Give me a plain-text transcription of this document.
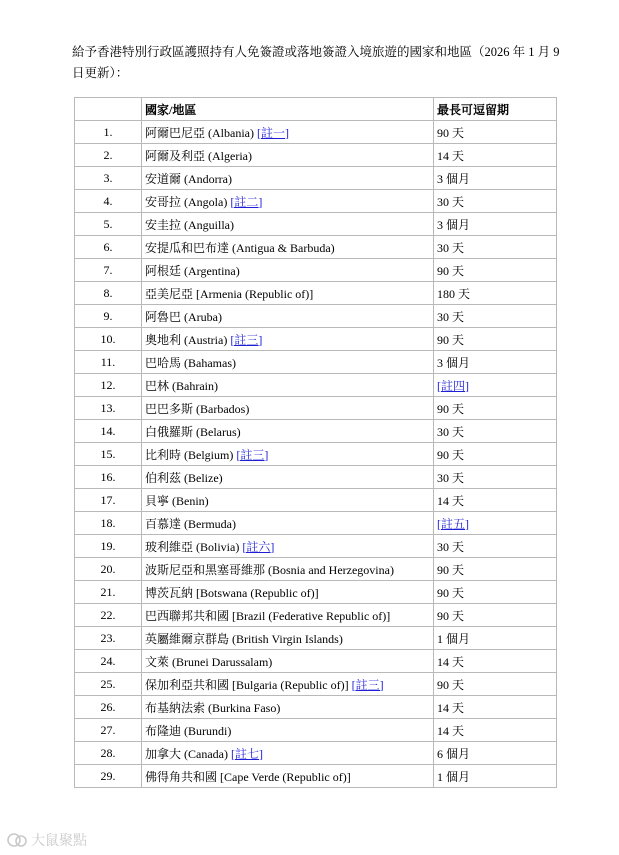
給予香港特別行政區護照持有人免簽證或落地簽證入境旅遊的國家和地區（2026 年 1 月 9 日更新）：

	國家/地區	最長可逗留期
1.	阿爾巴尼亞 (Albania) [註一]	90 天
2.	阿爾及利亞 (Algeria)	14 天
3.	安道爾 (Andorra)	3 個月
4.	安哥拉 (Angola) [註二]	30 天
5.	安圭拉 (Anguilla)	3 個月
6.	安提瓜和巴布達 (Antigua & Barbuda)	30 天
7.	阿根廷 (Argentina)	90 天
8.	亞美尼亞 [Armenia (Republic of)]	180 天
9.	阿魯巴 (Aruba)	30 天
10.	奧地利 (Austria) [註三]	90 天
11.	巴哈馬 (Bahamas)	3 個月
12.	巴林 (Bahrain)	[註四]
13.	巴巴多斯 (Barbados)	90 天
14.	白俄羅斯 (Belarus)	30 天
15.	比利時 (Belgium) [註三]	90 天
16.	伯利茲 (Belize)	30 天
17.	貝寧 (Benin)	14 天
18.	百慕達 (Bermuda)	[註五]
19.	玻利維亞 (Bolivia) [註六]	30 天
20.	波斯尼亞和黑塞哥維那 (Bosnia and Herzegovina)	90 天
21.	博茨瓦納 [Botswana (Republic of)]	90 天
22.	巴西聯邦共和國 [Brazil (Federative Republic of)]	90 天
23.	英屬維爾京群島 (British Virgin Islands)	1 個月
24.	文萊 (Brunei Darussalam)	14 天
25.	保加利亞共和國 [Bulgaria (Republic of)] [註三]	90 天
26.	布基納法索 (Burkina Faso)	14 天
27.	布隆迪 (Burundi)	14 天
28.	加拿大 (Canada) [註七]	6 個月
29.	佛得角共和國 [Cape Verde (Republic of)]	1 個月
大鼠聚點
